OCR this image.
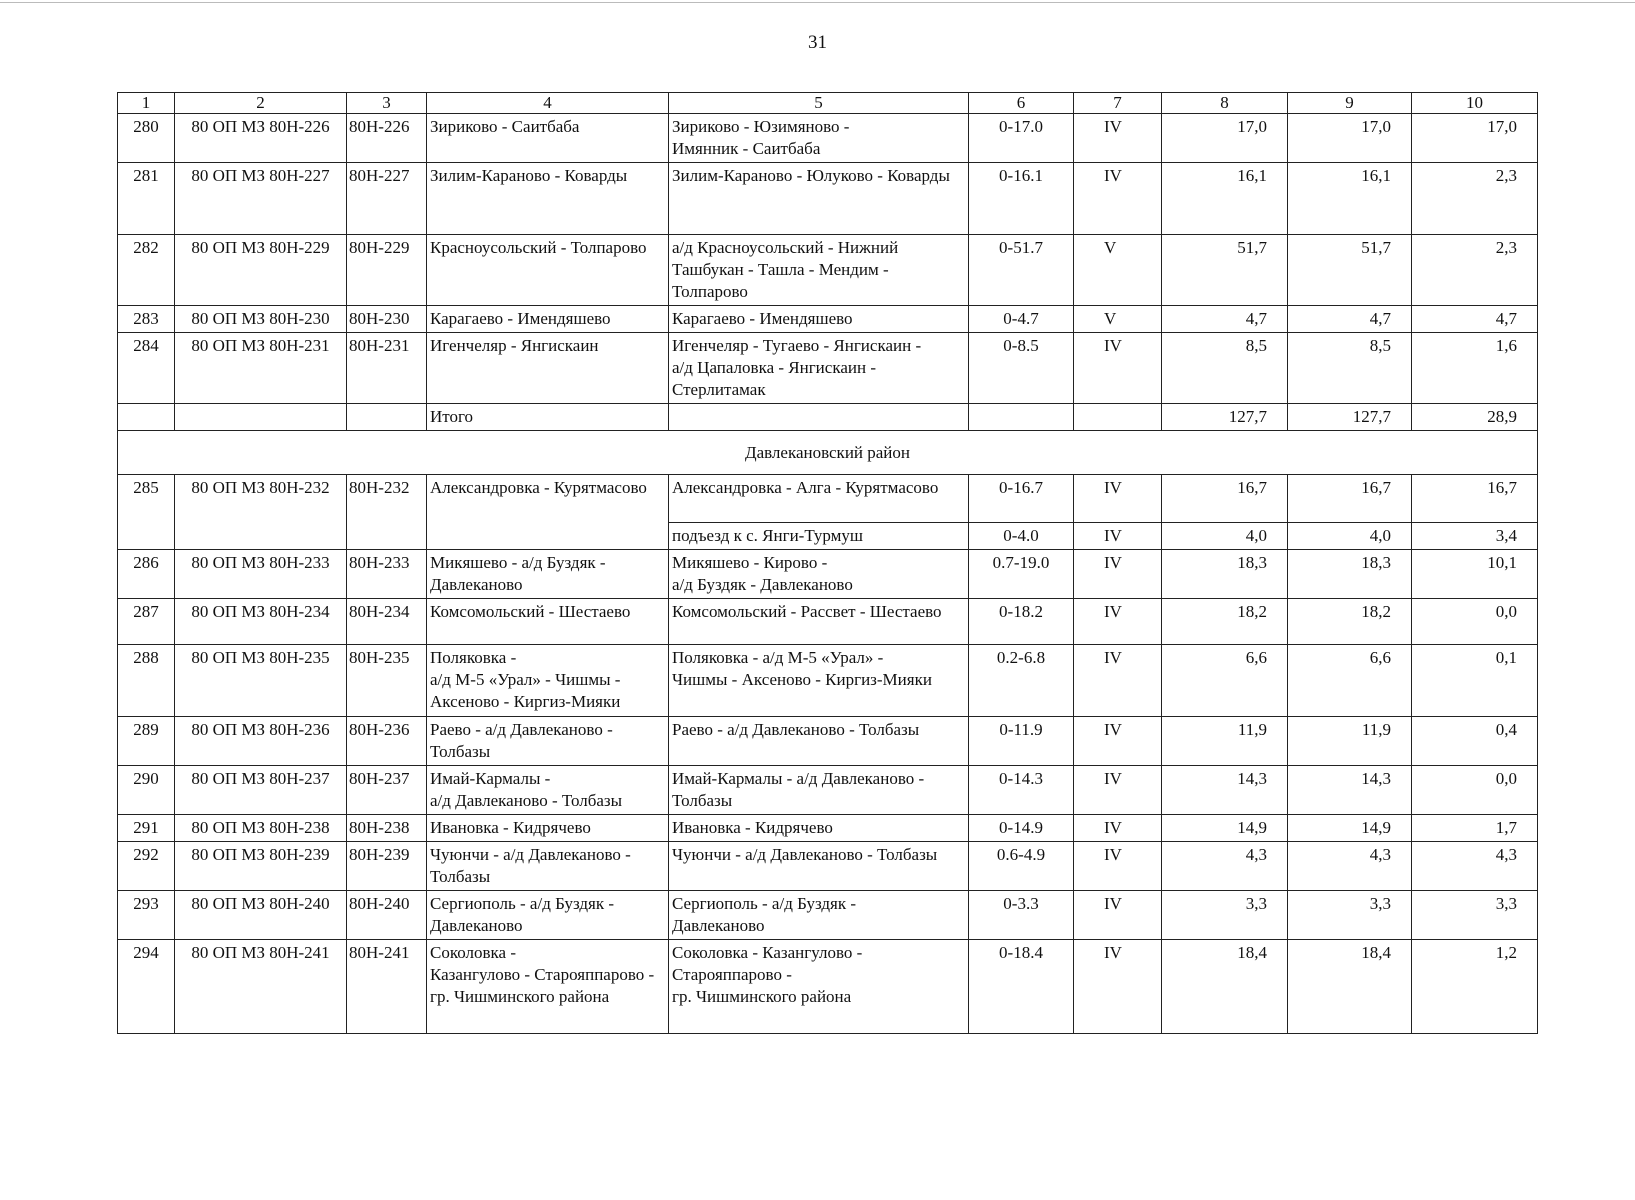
31
1	2	3	4	5	6	7	8	9	10
280	80 ОП МЗ 80Н-226	80Н-226	Зириково - Саитбаба	Зириково - Юзимяново -
Имянник - Саитбаба	0-17.0	IV	17,0	17,0	17,0
281	80 ОП МЗ 80Н-227	80Н-227	Зилим-Караново - Коварды	Зилим-Караново - Юлуково - Коварды	0-16.1	IV	16,1	16,1	2,3
282	80 ОП МЗ 80Н-229	80Н-229	Красноусольский - Толпарово	а/д Красноусольский - Нижний
Ташбукан - Ташла - Мендим -
Толпарово	0-51.7	V	51,7	51,7	2,3
283	80 ОП МЗ 80Н-230	80Н-230	Карагаево - Имендяшево	Карагаево - Имендяшево	0-4.7	V	4,7	4,7	4,7
284	80 ОП МЗ 80Н-231	80Н-231	Игенчеляр - Янгискаин	Игенчеляр - Тугаево - Янгискаин -
а/д Цапаловка - Янгискаин -
Стерлитамак	0-8.5	IV	8,5	8,5	1,6
			Итого				127,7	127,7	28,9
Давлекановский район									
285	80 ОП МЗ 80Н-232	80Н-232	Александровка - Курятмасово	Александровка - Алга - Курятмасово	0-16.7	IV	16,7	16,7	16,7
				подъезд к с. Янги-Турмуш	0-4.0	IV	4,0	4,0	3,4
286	80 ОП МЗ 80Н-233	80Н-233	Микяшево - а/д Буздяк -
Давлеканово	Микяшево - Кирово -
а/д Буздяк - Давлеканово	0.7-19.0	IV	18,3	18,3	10,1
287	80 ОП МЗ 80Н-234	80Н-234	Комсомольский - Шестаево	Комсомольский - Рассвет - Шестаево	0-18.2	IV	18,2	18,2	0,0
288	80 ОП МЗ 80Н-235	80Н-235	Поляковка -
а/д М-5 «Урал» - Чишмы -
Аксеново - Киргиз-Мияки	Поляковка - а/д М-5 «Урал» -
Чишмы - Аксеново - Киргиз-Мияки	0.2-6.8	IV	6,6	6,6	0,1
289	80 ОП МЗ 80Н-236	80Н-236	Раево - а/д Давлеканово -
Толбазы	Раево - а/д Давлеканово - Толбазы	0-11.9	IV	11,9	11,9	0,4
290	80 ОП МЗ 80Н-237	80Н-237	Имай-Кармалы -
а/д Давлеканово - Толбазы	Имай-Кармалы - а/д Давлеканово -
Толбазы	0-14.3	IV	14,3	14,3	0,0
291	80 ОП МЗ 80Н-238	80Н-238	Ивановка - Кидрячево	Ивановка - Кидрячево	0-14.9	IV	14,9	14,9	1,7
292	80 ОП МЗ 80Н-239	80Н-239	Чуюнчи - а/д Давлеканово -
Толбазы	Чуюнчи - а/д Давлеканово - Толбазы	0.6-4.9	IV	4,3	4,3	4,3
293	80 ОП МЗ 80Н-240	80Н-240	Сергиополь - а/д Буздяк -
Давлеканово	Сергиополь - а/д Буздяк -
Давлеканово	0-3.3	IV	3,3	3,3	3,3
294	80 ОП МЗ 80Н-241	80Н-241	Соколовка -
Казангулово - Старояппарово -
гр. Чишминского района	Соколовка - Казангулово -
Старояппарово -
гр. Чишминского района	0-18.4	IV	18,4	18,4	1,2
